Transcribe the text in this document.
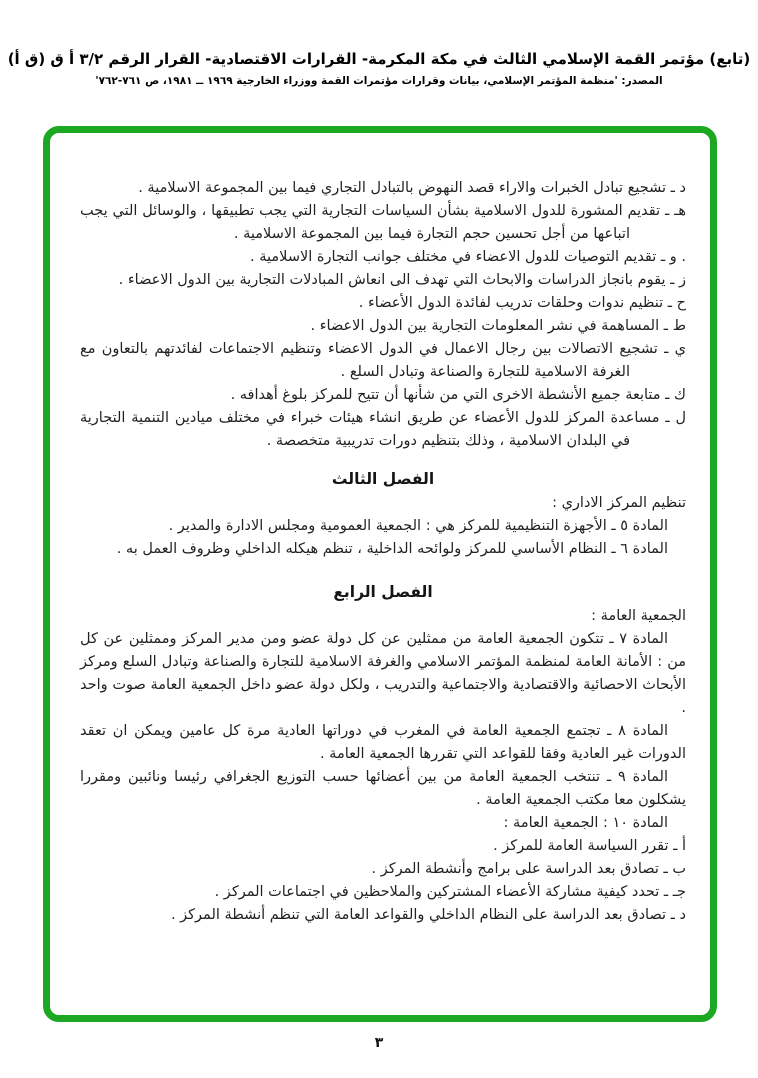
(تابع) مؤتمر القمة الإسلامي الثالث في مكة المكرمة- القرارات الاقتصادية- القرار الرقم ٣/٢ أ ق (ق أ)
المصدر: 'منظمة المؤتمر الإسلامي، بيانات وقرارات مؤتمرات القمة ووزراء الخارجية ١٩٦٩ ــ ١٩٨١، ص ٧٦١-٧٦٢'

د ـ تشجيع تبادل الخبرات والاراء قصد النهوض بالتبادل التجاري فيما بين المجموعة الاسلامية .

هـ ـ تقديم المشورة للدول الاسلامية بشأن السياسات التجارية التي يجب تطبيقها ، والوسائل التي يجب اتباعها من أجل تحسين حجم التجارة فيما بين المجموعة الاسلامية .

. و ـ تقديم التوصيات للدول الاعضاء في مختلف جوانب التجارة الاسلامية .

ز ـ يقوم بانجاز الدراسات والابحاث التي تهدف الى انعاش المبادلات التجارية بين الدول الاعضاء .

ح ـ تنظيم ندوات وحلقات تدريب لفائدة الدول الأعضاء .

ط ـ المساهمة في نشر المعلومات التجارية بين الدول الاعضاء .

ي ـ تشجيع الاتصالات بين رجال الاعمال في الدول الاعضاء وتنظيم الاجتماعات لفائدتهم بالتعاون مع الغرفة الاسلامية للتجارة والصناعة وتبادل السلع .

ك ـ متابعة جميع الأنشطة الاخرى التي من شأنها أن تتيح للمركز بلوغ أهدافه .

ل ـ مساعدة المركز للدول الأعضاء عن طريق انشاء هيئات خبراء في مختلف ميادين التنمية التجارية في البلدان الاسلامية ، وذلك بتنظيم دورات تدريبية متخصصة .

الفصل الثالث

تنظيم المركز الاداري :

المادة ٥ ـ الأجهزة التنظيمية للمركز هي : الجمعية العمومية ومجلس الادارة والمدير .

المادة ٦ ـ النظام الأساسي للمركز ولوائحه الداخلية ، تنظم هيكله الداخلي وظروف العمل به .

الفصل الرابع

الجمعية العامة :

المادة ٧ ـ تتكون الجمعية العامة من ممثلين عن كل دولة عضو ومن مدير المركز وممثلين عن كل من : الأمانة العامة لمنظمة المؤتمر الاسلامي والغرفة الاسلامية للتجارة والصناعة وتبادل السلع ومركز الأبحاث الاحصائية والاقتصادية والاجتماعية والتدريب ، ولكل دولة عضو داخل الجمعية العامة صوت واحد .

المادة ٨ ـ تجتمع الجمعية العامة في المغرب في دوراتها العادية مرة كل عامين ويمكن ان تعقد الدورات غير العادية وفقا للقواعد التي تقررها الجمعية العامة .

المادة ٩ ـ تنتخب الجمعية العامة من بين أعضائها حسب التوزيع الجغرافي رئيسا ونائبين ومقررا يشكلون معا مكتب الجمعية العامة .

المادة ١٠ : الجمعية العامة :

أ ـ تقرر السياسة العامة للمركز .

ب ـ تصادق بعد الدراسة على برامج وأنشطة المركز .

جـ ـ تحدد كيفية مشاركة الأعضاء المشتركين والملاحظين في اجتماعات المركز .

د ـ تصادق بعد الدراسة على النظام الداخلي والقواعد العامة التي تنظم أنشطة المركز .

٣
